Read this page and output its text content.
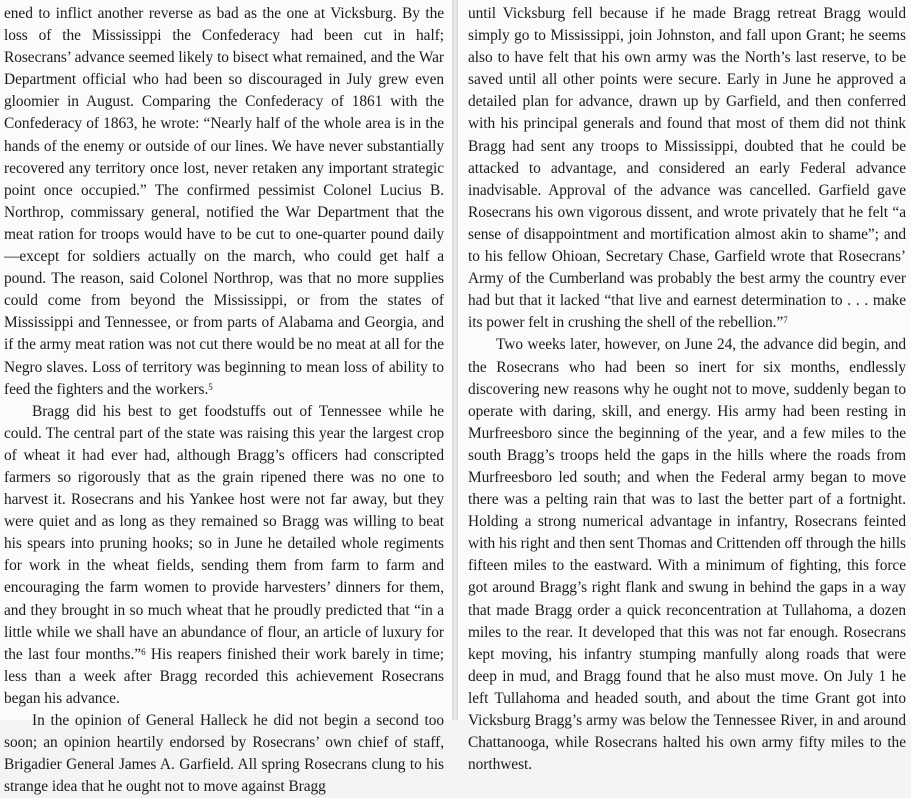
ened to inflict another reverse as bad as the one at Vicksburg. By the loss of the Mississippi the Confederacy had been cut in half; Rosecrans’ advance seemed likely to bisect what remained, and the War Department official who had been so discouraged in July grew even gloomier in August. Comparing the Confederacy of 1861 with the Confederacy of 1863, he wrote: “Nearly half of the whole area is in the hands of the enemy or outside of our lines. We have never substantially recovered any territory once lost, never retaken any important strategic point once occupied.” The confirmed pessimist Colonel Lucius B. Northrop, commissary general, notified the War Department that the meat ration for troops would have to be cut to one-quarter pound daily—except for soldiers actually on the march, who could get half a pound. The reason, said Colonel Northrop, was that no more supplies could come from beyond the Mississippi, or from the states of Mississippi and Tennessee, or from parts of Alabama and Georgia, and if the army meat ration was not cut there would be no meat at all for the Negro slaves. Loss of territory was beginning to mean loss of ability to feed the fighters and the workers.$^5$

Bragg did his best to get foodstuffs out of Tennessee while he could. The central part of the state was raising this year the largest crop of wheat it had ever had, although Bragg’s officers had conscripted farmers so rigorously that as the grain ripened there was no one to harvest it. Rosecrans and his Yankee host were not far away, but they were quiet and as long as they remained so Bragg was willing to beat his spears into pruning hooks; so in June he detailed whole regiments for work in the wheat fields, sending them from farm to farm and encouraging the farm women to provide harvesters’ dinners for them, and they brought in so much wheat that he proudly predicted that “in a little while we shall have an abundance of flour, an article of luxury for the last four months.”$^6$ His reapers finished their work barely in time; less than a week after Bragg recorded this achievement Rosecrans began his advance.

In the opinion of General Halleck he did not begin a second too soon; an opinion heartily endorsed by Rosecrans’ own chief of staff, Brigadier General James A. Garfield. All spring Rosecrans clung to his strange idea that he ought not to move against Bragg

until Vicksburg fell because if he made Bragg retreat Bragg would simply go to Mississippi, join Johnston, and fall upon Grant; he seems also to have felt that his own army was the North’s last reserve, to be saved until all other points were secure. Early in June he approved a detailed plan for advance, drawn up by Garfield, and then conferred with his principal generals and found that most of them did not think Bragg had sent any troops to Mississippi, doubted that he could be attacked to advantage, and considered an early Federal advance inadvisable. Approval of the advance was cancelled. Garfield gave Rosecrans his own vigorous dissent, and wrote privately that he felt “a sense of disappointment and mortification almost akin to shame”; and to his fellow Ohioan, Secretary Chase, Garfield wrote that Rosecrans’ Army of the Cumberland was probably the best army the country ever had but that it lacked “that live and earnest determination to . . . make its power felt in crushing the shell of the rebellion.”$^7$

Two weeks later, however, on June 24, the advance did begin, and the Rosecrans who had been so inert for six months, endlessly discovering new reasons why he ought not to move, suddenly began to operate with daring, skill, and energy. His army had been resting in Murfreesboro since the beginning of the year, and a few miles to the south Bragg’s troops held the gaps in the hills where the roads from Murfreesboro led south; and when the Federal army began to move there was a pelting rain that was to last the better part of a fortnight. Holding a strong numerical advantage in infantry, Rosecrans feinted with his right and then sent Thomas and Crittenden off through the hills fifteen miles to the eastward. With a minimum of fighting, this force got around Bragg’s right flank and swung in behind the gaps in a way that made Bragg order a quick reconcentration at Tullahoma, a dozen miles to the rear. It developed that this was not far enough. Rosecrans kept moving, his infantry stumping manfully along roads that were deep in mud, and Bragg found that he also must move. On July 1 he left Tullahoma and headed south, and about the time Grant got into Vicksburg Bragg’s army was below the Tennessee River, in and around Chattanooga, while Rosecrans halted his own army fifty miles to the northwest.
